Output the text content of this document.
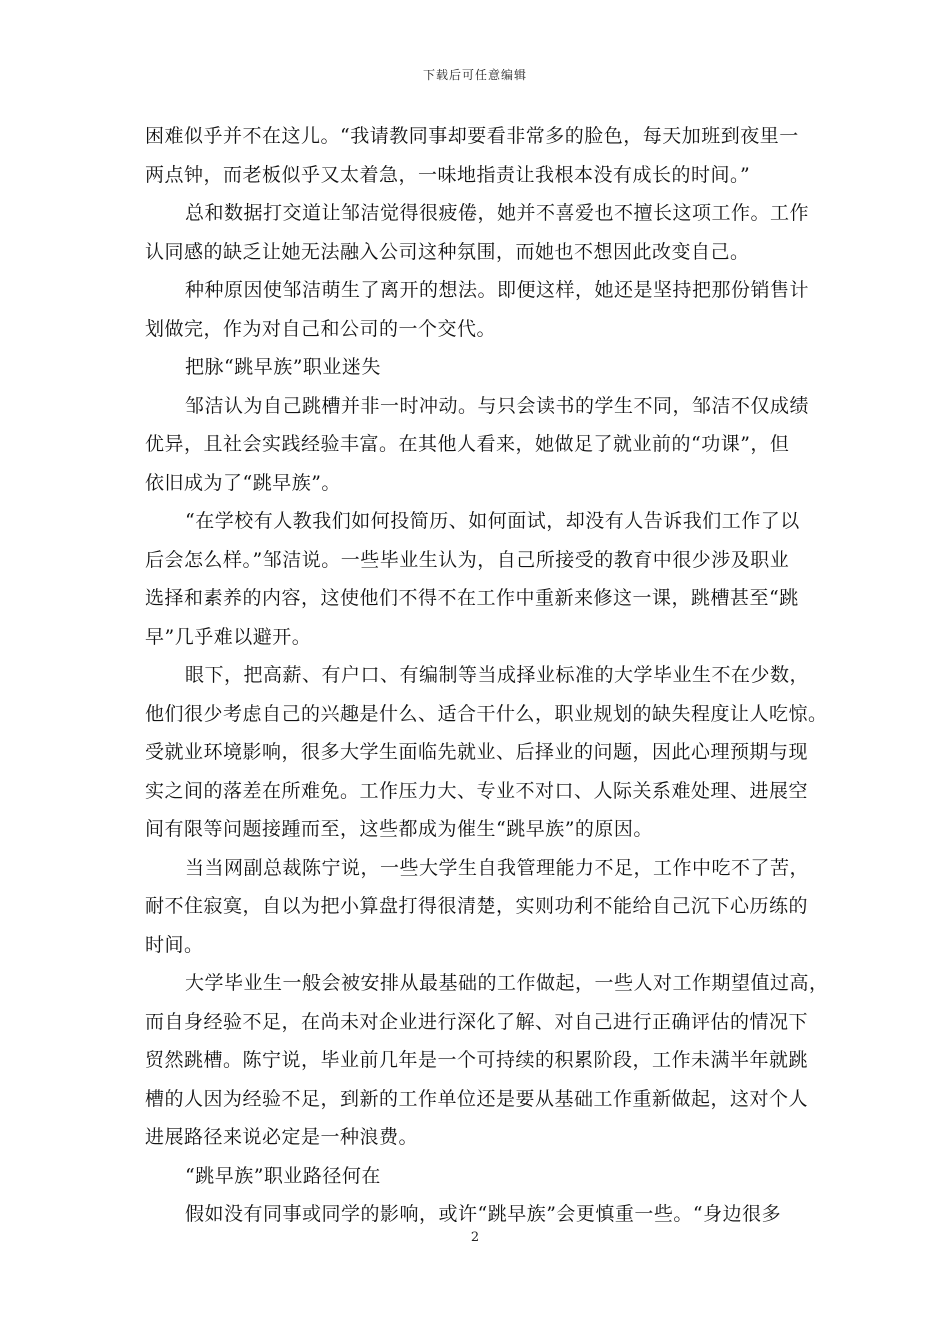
下载后可任意编辑
困难似乎并不在这儿。“我请教同事却要看非常多的脸色，每天加班到夜里一
两点钟，而老板似乎又太着急，一味地指责让我根本没有成长的时间。”
总和数据打交道让邹洁觉得很疲倦，她并不喜爱也不擅长这项工作。工作
认同感的缺乏让她无法融入公司这种氛围，而她也不想因此改变自己。
种种原因使邹洁萌生了离开的想法。即便这样，她还是坚持把那份销售计
划做完，作为对自己和公司的一个交代。
把脉“跳早族”职业迷失
邹洁认为自己跳槽并非一时冲动。与只会读书的学生不同，邹洁不仅成绩
优异，且社会实践经验丰富。在其他人看来，她做足了就业前的“功课”，但
依旧成为了“跳早族”。
“在学校有人教我们如何投简历、如何面试，却没有人告诉我们工作了以
后会怎么样。”邹洁说。一些毕业生认为，自己所接受的教育中很少涉及职业
选择和素养的内容，这使他们不得不在工作中重新来修这一课，跳槽甚至“跳
早”几乎难以避开。
眼下，把高薪、有户口、有编制等当成择业标准的大学毕业生不在少数，
他们很少考虑自己的兴趣是什么、适合干什么，职业规划的缺失程度让人吃惊。
受就业环境影响，很多大学生面临先就业、后择业的问题，因此心理预期与现
实之间的落差在所难免。工作压力大、专业不对口、人际关系难处理、进展空
间有限等问题接踵而至，这些都成为催生“跳早族”的原因。
当当网副总裁陈宁说，一些大学生自我管理能力不足，工作中吃不了苦，
耐不住寂寞，自以为把小算盘打得很清楚，实则功利不能给自己沉下心历练的
时间。
大学毕业生一般会被安排从最基础的工作做起，一些人对工作期望值过高，
而自身经验不足，在尚未对企业进行深化了解、对自己进行正确评估的情况下
贸然跳槽。陈宁说，毕业前几年是一个可持续的积累阶段，工作未满半年就跳
槽的人因为经验不足，到新的工作单位还是要从基础工作重新做起，这对个人
进展路径来说必定是一种浪费。
“跳早族”职业路径何在
假如没有同事或同学的影响，或许“跳早族”会更慎重一些。“身边很多
2
